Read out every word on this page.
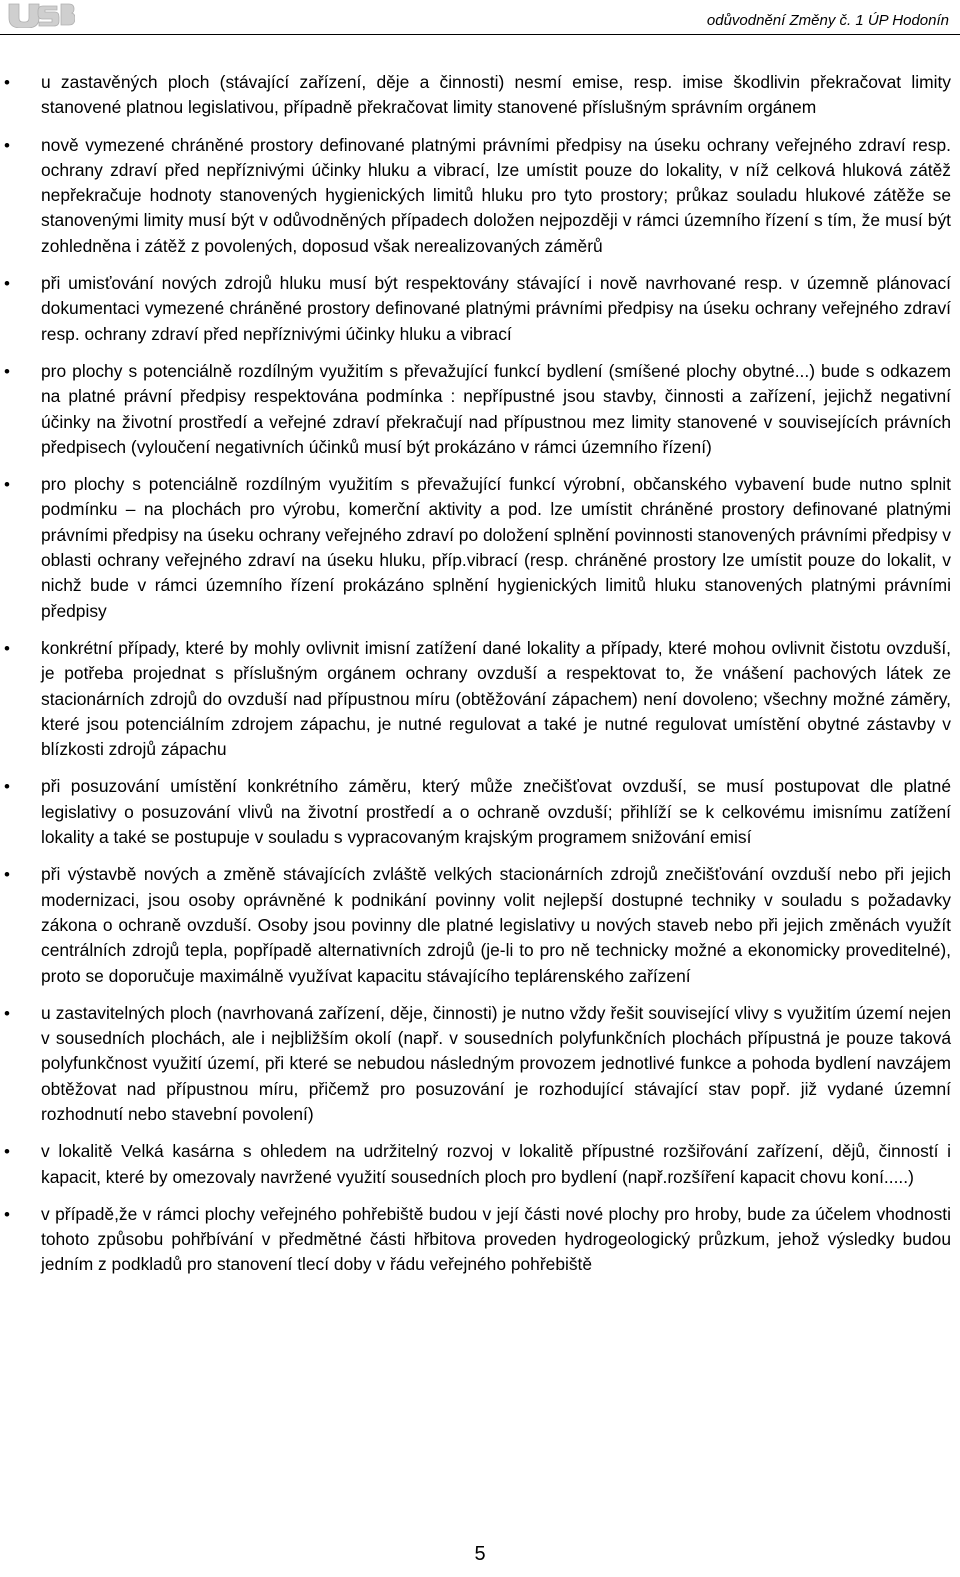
odůvodnění Změny č. 1 ÚP Hodonín
• u zastavěných ploch (stávající zařízení, děje a činnosti) nesmí emise, resp. imise škodlivin překračovat limity stanovené platnou legislativou, případně překračovat limity stanovené příslušným správním orgánem
• nově vymezené chráněné prostory definované platnými právními předpisy na úseku ochrany veřejného zdraví resp. ochrany zdraví před nepříznivými účinky hluku a vibrací, lze umístit pouze do lokality, v níž celková hluková zátěž nepřekračuje hodnoty stanovených hygienických limitů hluku pro tyto prostory; průkaz souladu hlukové zátěže se stanovenými limity musí být v odůvodněných případech doložen nejpozději v rámci územního řízení s tím, že musí být zohledněna i zátěž z povolených, doposud však nerealizovaných záměrů
• při umisťování nových zdrojů hluku musí být respektovány stávající i nově navrhované resp. v územně plánovací dokumentaci vymezené chráněné prostory definované platnými právními předpisy na úseku ochrany veřejného zdraví resp. ochrany zdraví před nepříznivými účinky hluku a vibrací
• pro plochy s potenciálně rozdílným využitím s převažující funkcí bydlení (smíšené plochy obytné...) bude s odkazem na platné právní předpisy respektována podmínka : nepřípustné jsou stavby, činnosti a zařízení, jejichž negativní účinky na životní prostředí a veřejné zdraví překračují nad přípustnou mez limity stanovené v souvisejících právních předpisech (vyloučení negativních účinků musí být prokázáno v rámci územního řízení)
• pro plochy s potenciálně rozdílným využitím s převažující funkcí výrobní, občanského vybavení bude nutno splnit podmínku – na plochách pro výrobu, komerční aktivity a pod. lze umístit chráněné prostory definované platnými právními předpisy na úseku ochrany veřejného zdraví po doložení splnění povinnosti stanovených právními předpisy v oblasti ochrany veřejného zdraví na úseku hluku, příp.vibrací (resp. chráněné prostory lze umístit pouze do lokalit, v nichž bude v rámci územního řízení prokázáno splnění hygienických limitů hluku stanovených platnými právními předpisy
• konkrétní případy, které by mohly ovlivnit imisní zatížení dané lokality a případy, které mohou ovlivnit čistotu ovzduší, je potřeba projednat s příslušným orgánem ochrany ovzduší a respektovat to, že vnášení pachových látek ze stacionárních zdrojů do ovzduší nad přípustnou míru (obtěžování zápachem) není dovoleno; všechny možné záměry, které jsou potenciálním zdrojem zápachu, je nutné regulovat a také je nutné regulovat umístění obytné zástavby v blízkosti zdrojů zápachu
• při posuzování umístění konkrétního záměru, který může znečišťovat ovzduší, se musí postupovat dle platné legislativy o posuzování vlivů na životní prostředí a o ochraně ovzduší; přihlíží se k celkovému imisnímu zatížení lokality a také se postupuje v souladu s vypracovaným krajským programem snižování emisí
• při výstavbě nových a změně stávajících zvláště velkých stacionárních zdrojů znečišťování ovzduší nebo při jejich modernizaci, jsou osoby oprávněné k podnikání povinny volit nejlepší dostupné techniky v souladu s požadavky zákona o ochraně ovzduší. Osoby jsou povinny dle platné legislativy u nových staveb nebo při jejich změnách využít centrálních zdrojů tepla, popřípadě alternativních zdrojů (je-li to pro ně technicky možné a ekonomicky proveditelné), proto se doporučuje maximálně využívat kapacitu stávajícího teplárenského zařízení
• u zastavitelných ploch (navrhovaná zařízení, děje, činnosti) je nutno vždy řešit související vlivy s využitím území nejen v sousedních plochách, ale i nejbližším okolí (např. v sousedních polyfunkčních plochách přípustná je pouze taková polyfunkčnost využití území, při které se nebudou následným provozem jednotlivé funkce a pohoda bydlení navzájem obtěžovat nad přípustnou míru, přičemž pro posuzování je rozhodující stávající stav popř. již vydané územní rozhodnutí nebo stavební povolení)
• v lokalitě Velká kasárna s ohledem na udržitelný rozvoj v lokalitě přípustné rozšiřování zařízení, dějů, činností i kapacit, které by omezovaly navržené využití sousedních ploch pro bydlení (např.rozšíření kapacit chovu koní.....)
• v případě,že v rámci plochy veřejného pohřebiště budou v její části nové plochy pro hroby, bude za účelem vhodnosti tohoto způsobu pohřbívání v předmětné části hřbitova proveden hydrogeologický průzkum, jehož výsledky budou jedním z podkladů pro stanovení tlecí doby v řádu veřejného pohřebiště
5
